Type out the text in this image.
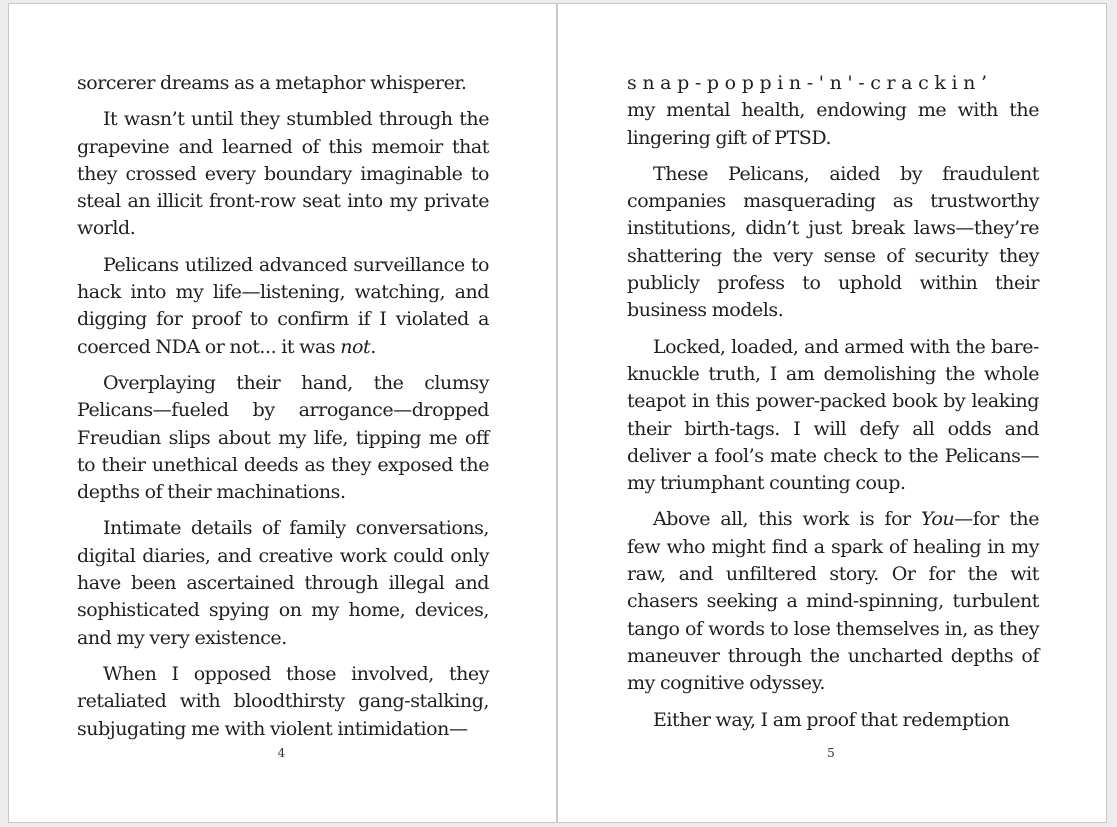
sorcerer dreams as a metaphor whisperer.

It wasn’t until they stumbled through the grapevine and learned of this memoir that they crossed every boundary imaginable to steal an illicit front-row seat into my private world.

Pelicans utilized advanced surveillance to hack into my life—listening, watching, and digging for proof to confirm if I violated a coerced NDA or not... it was not.

Overplaying their hand, the clumsy Pelicans—fueled by arrogance—dropped Freudian slips about my life, tipping me off to their unethical deeds as they exposed the depths of their machinations.

Intimate details of family conversations, digital diaries, and creative work could only have been ascertained through illegal and sophisticated spying on my home, devices, and my very existence.

When I opposed those involved, they retaliated with bloodthirsty gang-stalking, subjugating me with violent intimidation—

4

snap-poppin-'n'-crackin’
my mental health, endowing me with the lingering gift of PTSD.

These Pelicans, aided by fraudulent companies masquerading as trustworthy institutions, didn’t just break laws—they’re shattering the very sense of security they publicly profess to uphold within their business models.

Locked, loaded, and armed with the bare-knuckle truth, I am demolishing the whole teapot in this power-packed book by leaking their birth-tags. I will defy all odds and deliver a fool’s mate check to the Pelicans—my triumphant counting coup.

Above all, this work is for You—for the few who might find a spark of healing in my raw, and unfiltered story. Or for the wit chasers seeking a mind-spinning, turbulent tango of words to lose themselves in, as they maneuver through the uncharted depths of my cognitive odyssey.

Either way, I am proof that redemption

5
